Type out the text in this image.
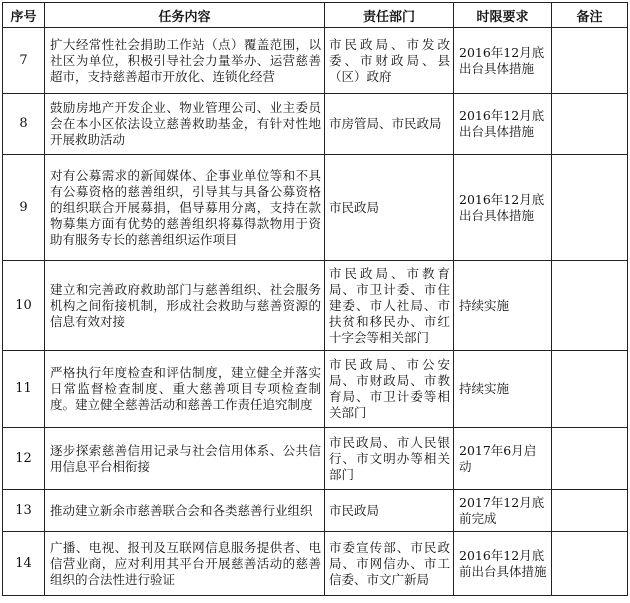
序号	任务内容	责任部门	时限要求	备注
7	扩大经常性社会捐助工作站（点）覆盖范围，以社区为单位，积极引导社会力量举办、运营慈善超市，支持慈善超市开放化、连锁化经营	市民政局、市发改委、市财政局、县（区）政府	2016年12月底出台具体措施	
8	鼓励房地产开发企业、物业管理公司、业主委员会在本小区依法设立慈善救助基金，有针对性地开展救助活动	市房管局、市民政局	2016年12月底出台具体措施	
9	对有公募需求的新闻媒体、企事业单位等和不具有公募资格的慈善组织，引导其与具备公募资格的组织联合开展募捐，倡导募用分离，支持在款物募集方面有优势的慈善组织将募得款物用于资助有服务专长的慈善组织运作项目	市民政局	2016年12月底出台具体措施	
10	建立和完善政府救助部门与慈善组织、社会服务机构之间衔接机制，形成社会救助与慈善资源的信息有效对接	市民政局、市教育局、市卫计委、市住建委、市人社局、市扶贫和移民办、市红十字会等相关部门	持续实施	
11	严格执行年度检查和评估制度，建立健全并落实日常监督检查制度、重大慈善项目专项检查制度。建立健全慈善活动和慈善工作责任追究制度	市民政局、市公安局、市财政局、市教育局、市卫计委等相关部门	持续实施	
12	逐步探索慈善信用记录与社会信用体系、公共信用信息平台相衔接	市民政局、市人民银行、市文明办等相关部门	2017年6月启动	
13	推动建立新余市慈善联合会和各类慈善行业组织	市民政局	2017年12月底前完成	
14	广播、电视、报刊及互联网信息服务提供者、电信营业商，应对利用其平台开展慈善活动的慈善组织的合法性进行验证	市委宣传部、市民政局、市网信办、市工信委、市文广新局	2016年12月底前出台具体措施	
